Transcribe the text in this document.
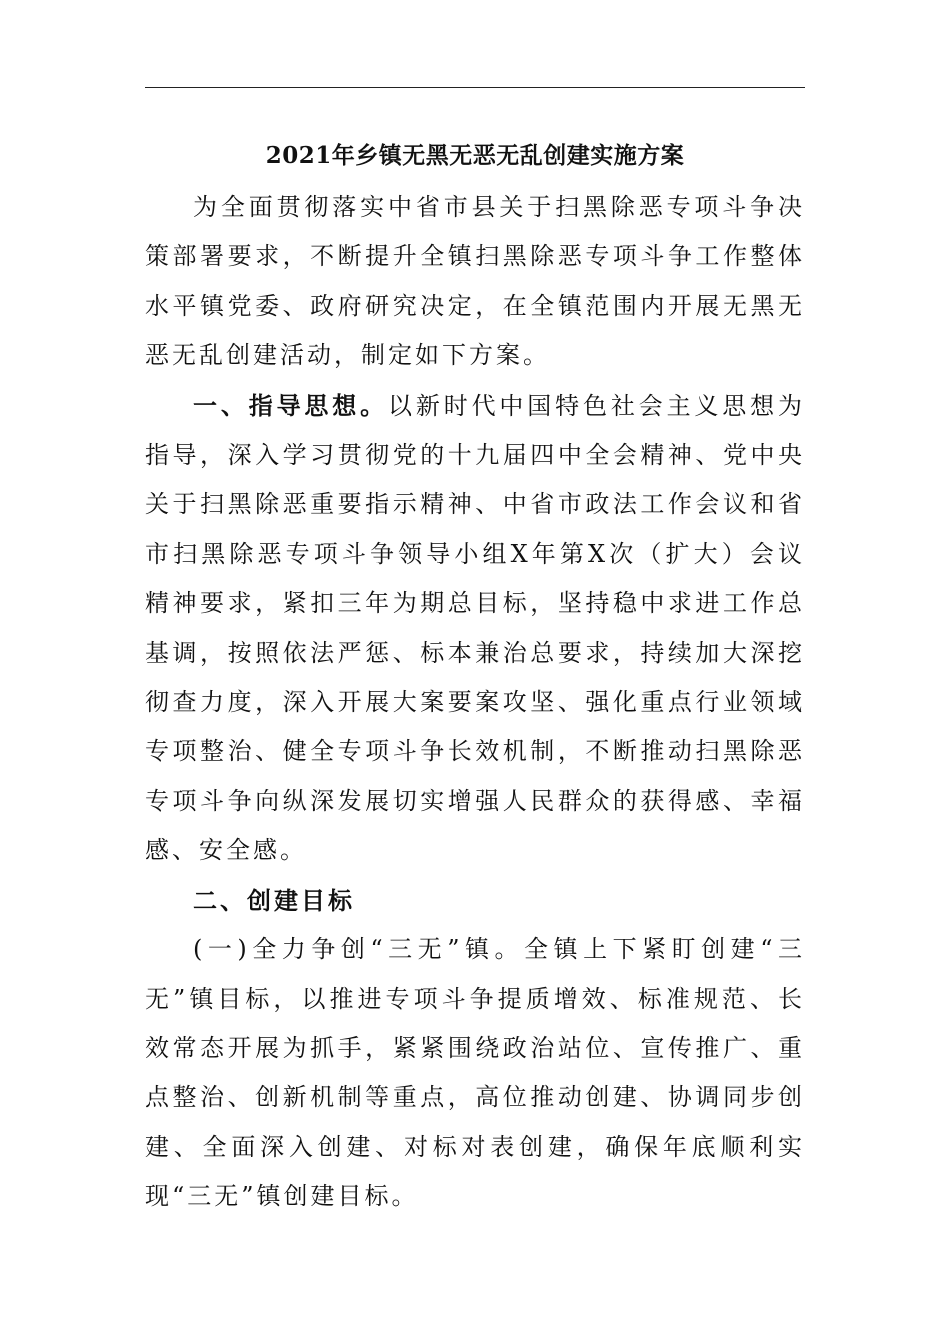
2021年乡镇无黑无恶无乱创建实施方案

为全面贯彻落实中省市县关于扫黑除恶专项斗争决策部署要求，不断提升全镇扫黑除恶专项斗争工作整体水平镇党委、政府研究决定，在全镇范围内开展无黑无恶无乱创建活动，制定如下方案。

一、指导思想。以新时代中国特色社会主义思想为指导，深入学习贯彻党的十九届四中全会精神、党中央关于扫黑除恶重要指示精神、中省市政法工作会议和省市扫黑除恶专项斗争领导小组X年第X次（扩大）会议精神要求，紧扣三年为期总目标，坚持稳中求进工作总基调，按照依法严惩、标本兼治总要求，持续加大深挖彻查力度，深入开展大案要案攻坚、强化重点行业领域专项整治、健全专项斗争长效机制，不断推动扫黑除恶专项斗争向纵深发展切实增强人民群众的获得感、幸福感、安全感。

二、创建目标

(一)全力争创“三无”镇。全镇上下紧盯创建“三无”镇目标，以推进专项斗争提质增效、标准规范、长效常态开展为抓手，紧紧围绕政治站位、宣传推广、重点整治、创新机制等重点，高位推动创建、协调同步创建、全面深入创建、对标对表创建，确保年底顺利实现“三无”镇创建目标。
